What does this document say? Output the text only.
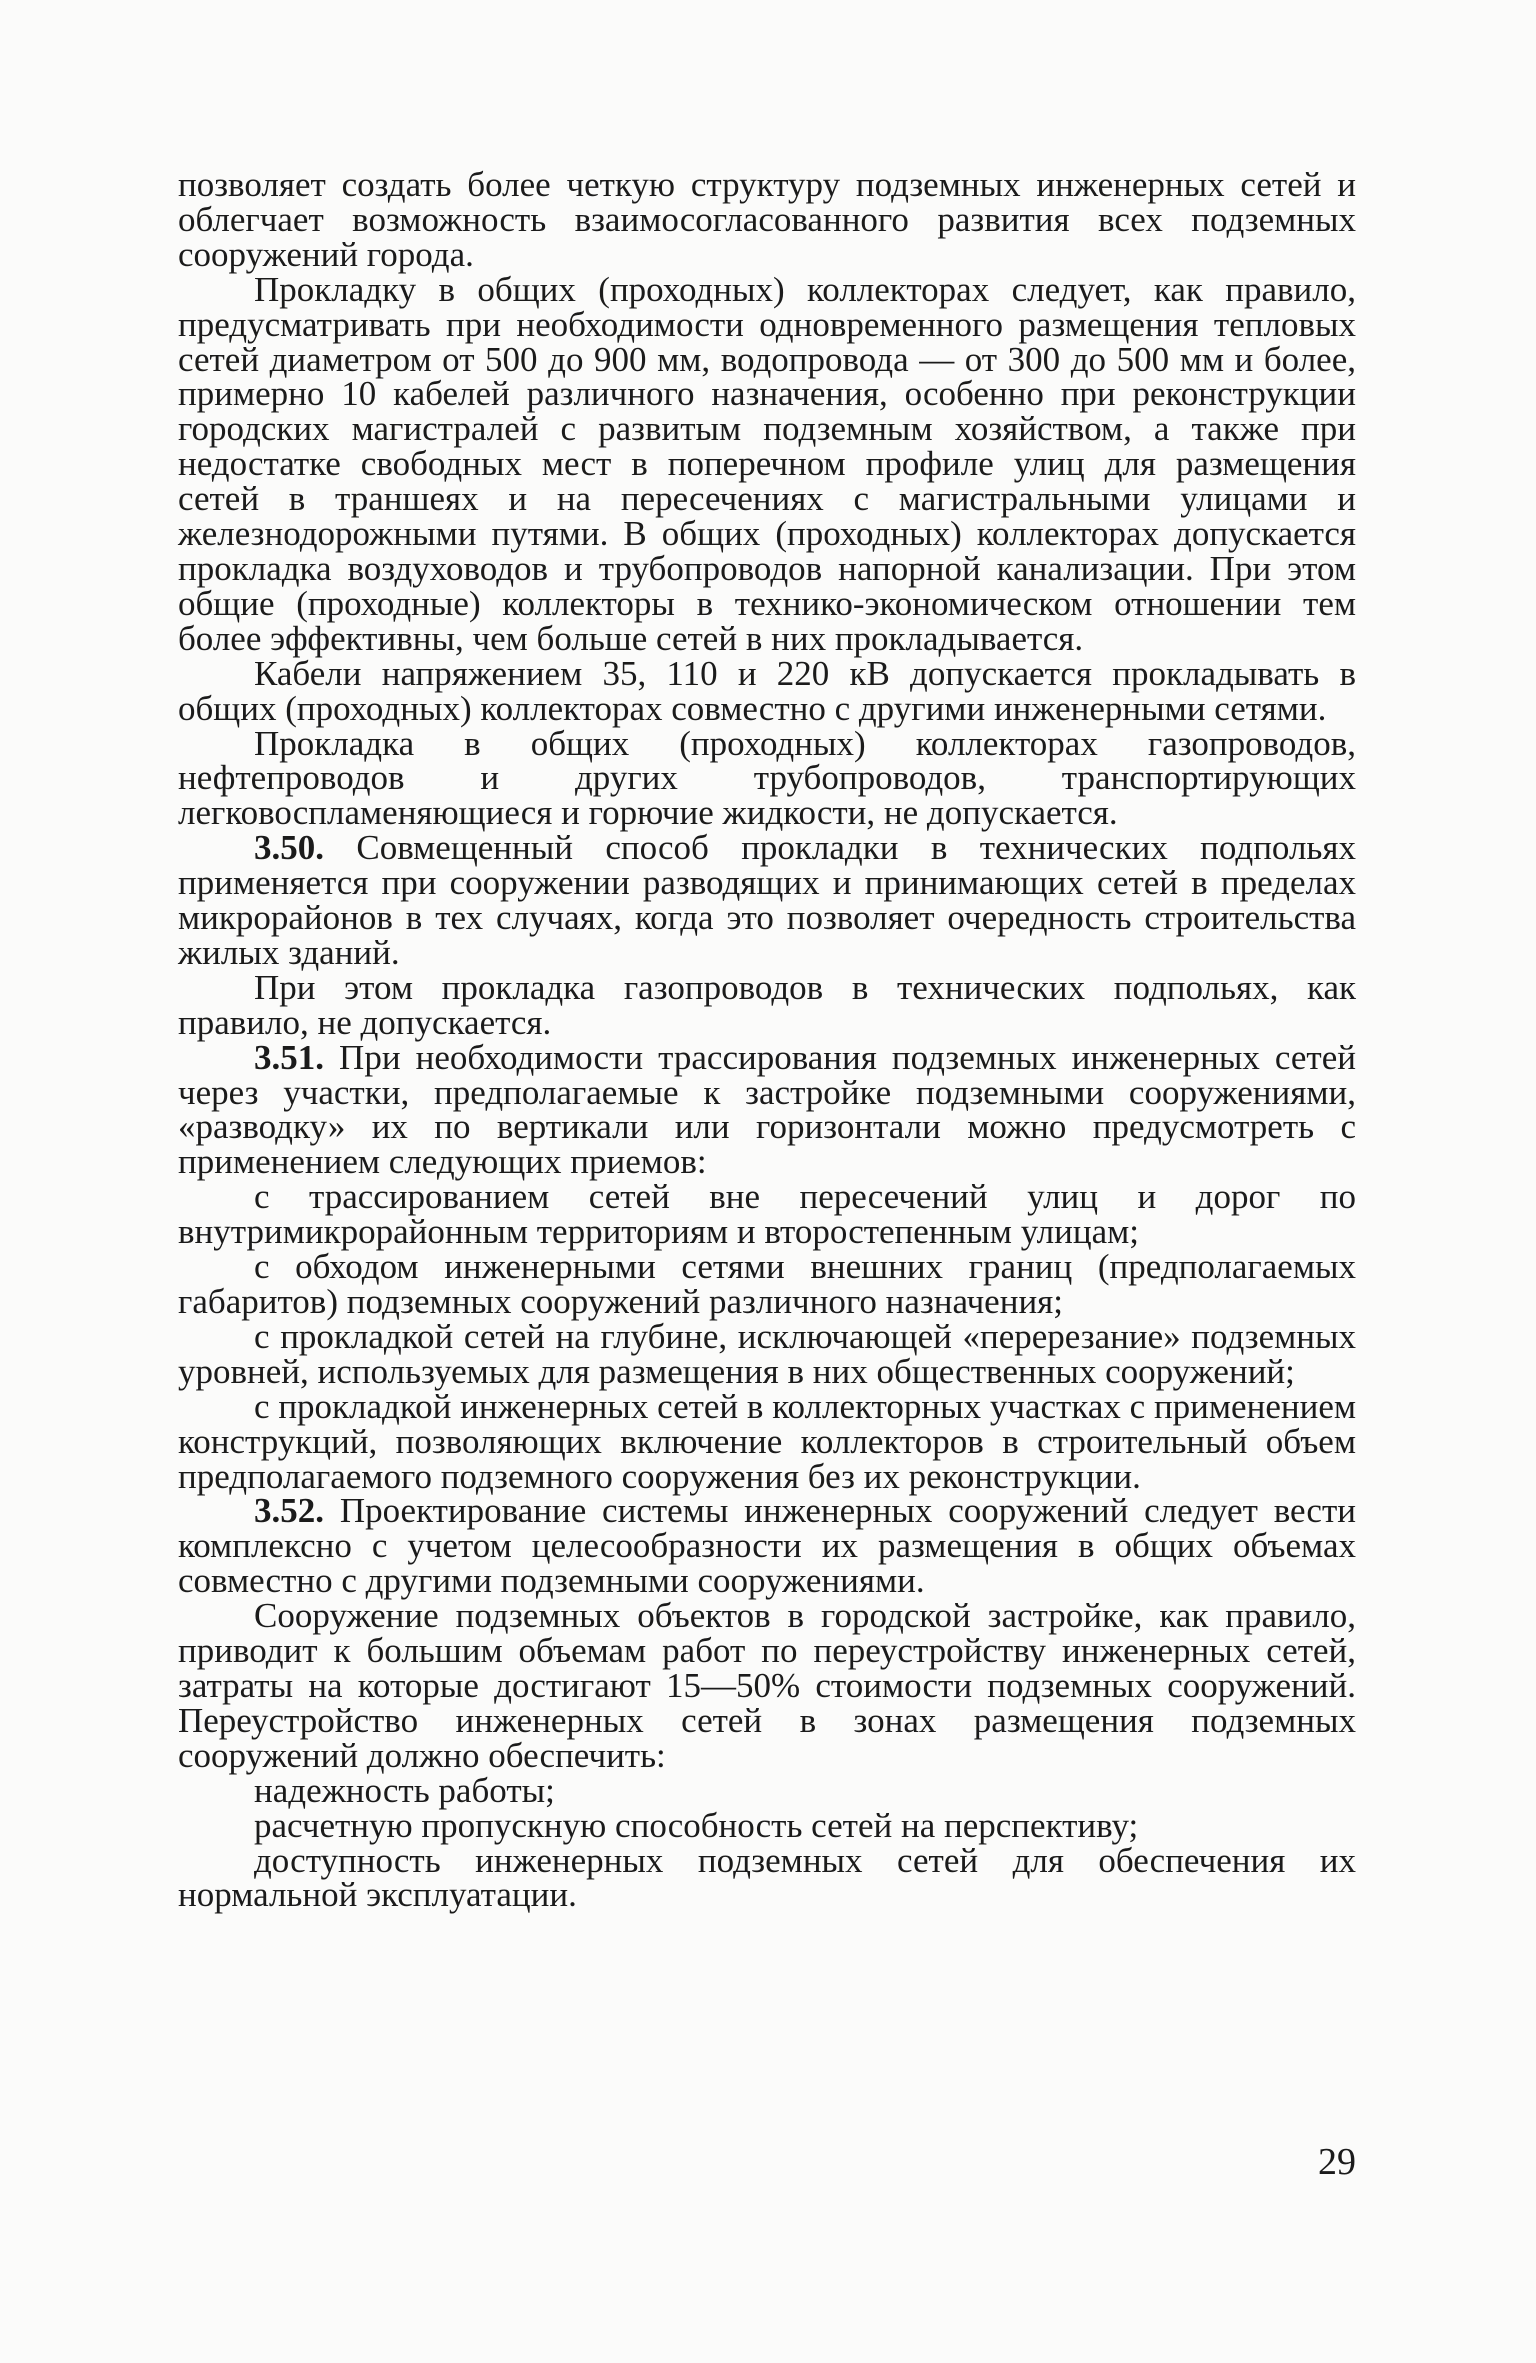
позволяет создать более четкую структуру подземных инженерных сетей и облегчает возможность взаимосогласованного развития всех подземных сооружений города.

Прокладку в общих (проходных) коллекторах следует, как правило, предусматривать при необходимости одновременного размещения тепловых сетей диаметром от 500 до 900 мм, водопровода — от 300 до 500 мм и более, примерно 10 кабелей различного назначения, особенно при реконструкции городских магистралей с развитым подземным хозяйством, а также при недостатке свободных мест в поперечном профиле улиц для размещения сетей в траншеях и на пересечениях с магистральными улицами и железнодорожными путями. В общих (проходных) коллекторах допускается прокладка воздуховодов и трубопроводов напорной канализации. При этом общие (проходные) коллекторы в технико-экономическом отношении тем более эффективны, чем больше сетей в них прокладывается.

Кабели напряжением 35, 110 и 220 кВ допускается прокладывать в общих (проходных) коллекторах совместно с другими инженерными сетями.

Прокладка в общих (проходных) коллекторах газопроводов, нефтепроводов и других трубопроводов, транспортирующих легковоспламеняющиеся и горючие жидкости, не допускается.

3.50. Совмещенный способ прокладки в технических подпольях применяется при сооружении разводящих и принимающих сетей в пределах микрорайонов в тех случаях, когда это позволяет очередность строительства жилых зданий.

При этом прокладка газопроводов в технических подпольях, как правило, не допускается.

3.51. При необходимости трассирования подземных инженерных сетей через участки, предполагаемые к застройке подземными сооружениями, «разводку» их по вертикали или горизонтали можно предусмотреть с применением следующих приемов:

с трассированием сетей вне пересечений улиц и дорог по внутримикрорайонным территориям и второстепенным улицам;

с обходом инженерными сетями внешних границ (предполагаемых габаритов) подземных сооружений различного назначения;

с прокладкой сетей на глубине, исключающей «перерезание» подземных уровней, используемых для размещения в них общественных сооружений;

с прокладкой инженерных сетей в коллекторных участках с применением конструкций, позволяющих включение коллекторов в строительный объем предполагаемого подземного сооружения без их реконструкции.

3.52. Проектирование системы инженерных сооружений следует вести комплексно с учетом целесообразности их размещения в общих объемах совместно с другими подземными сооружениями.

Сооружение подземных объектов в городской застройке, как правило, приводит к большим объемам работ по переустройству инженерных сетей, затраты на которые достигают 15—50% стоимости подземных сооружений. Переустройство инженерных сетей в зонах размещения подземных сооружений должно обеспечить:

надежность работы;

расчетную пропускную способность сетей на перспективу;

доступность инженерных подземных сетей для обеспечения их нормальной эксплуатации.

29
